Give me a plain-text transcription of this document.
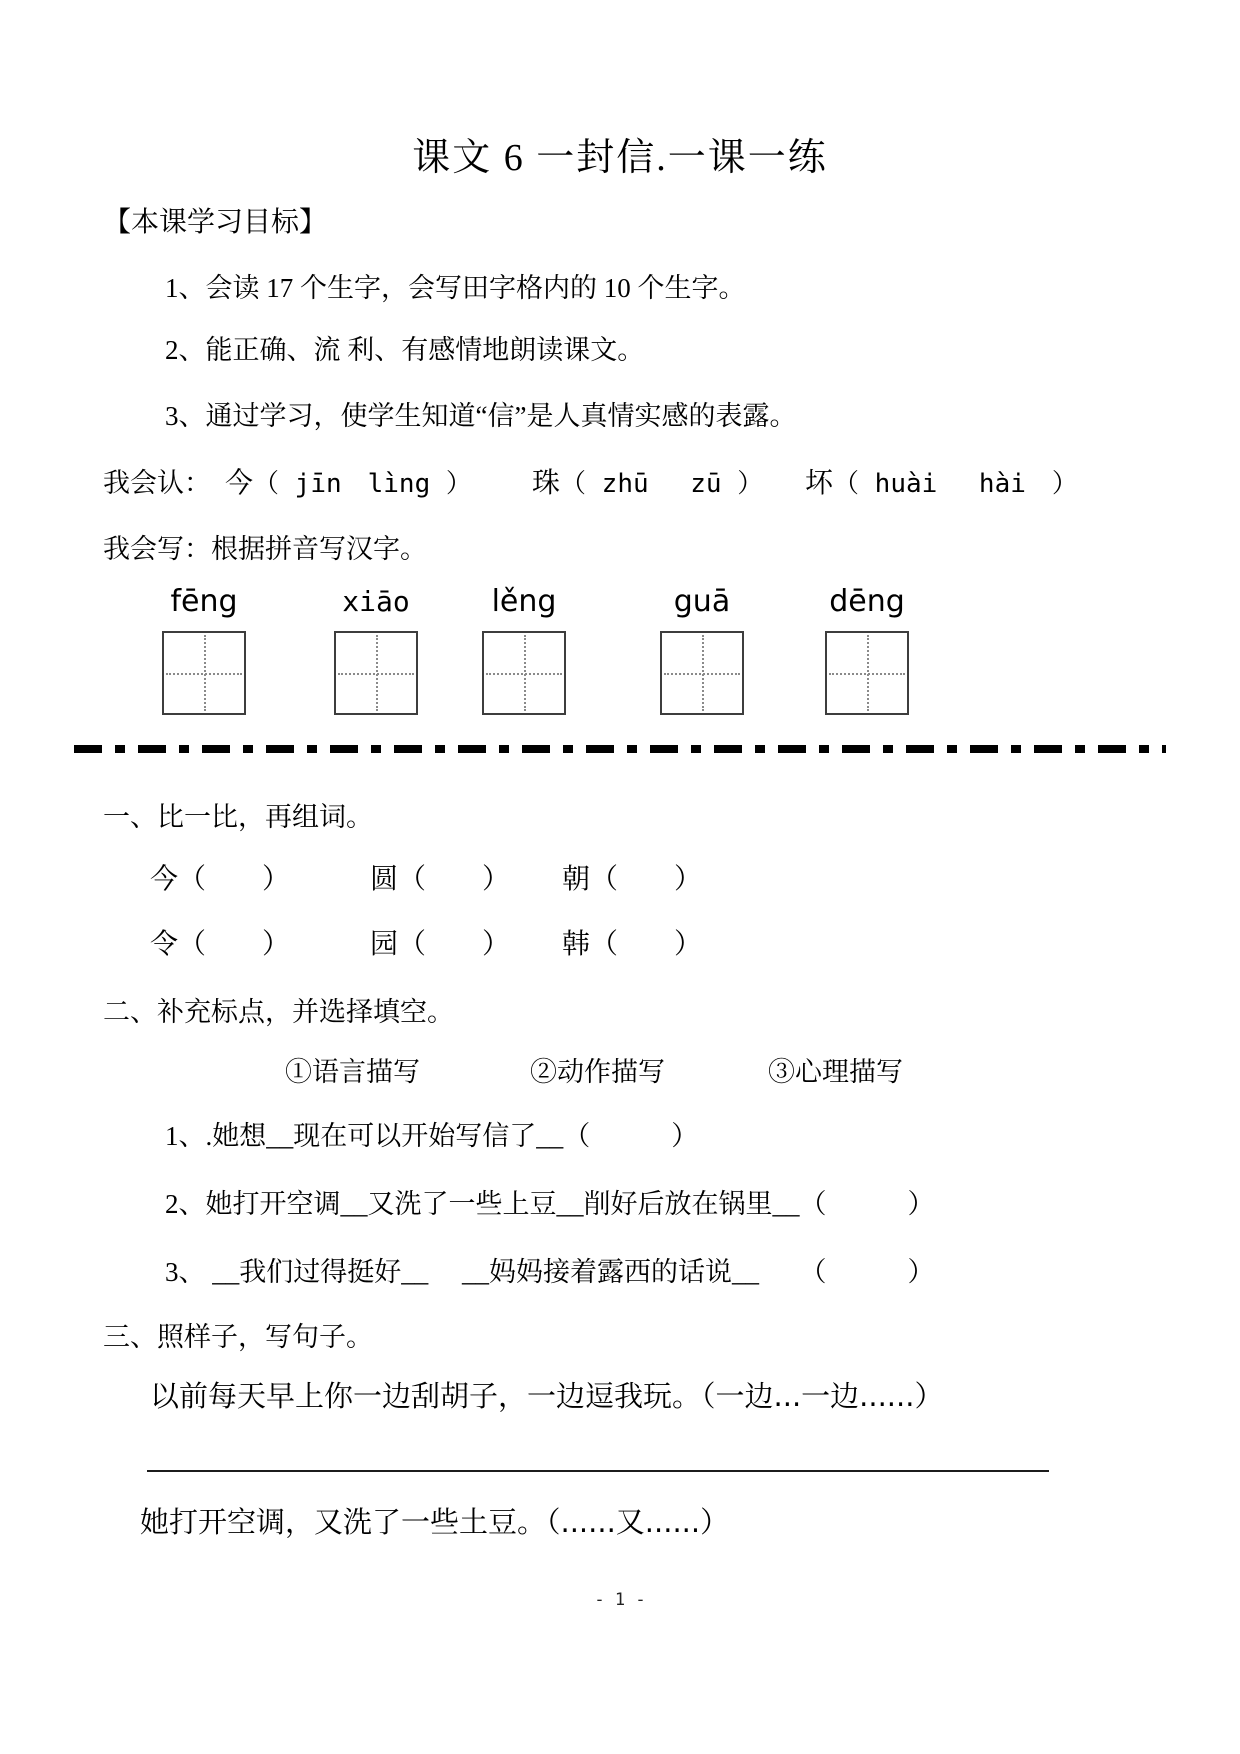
课文 6 一封信.一课一练
【本课学习目标】
1、会读 17 个生字，会写田字格内的 10 个生字。
2、能正确、流 利、有感情地朗读课文。
3、通过学习，使学生知道“信”是人真情实感的表露。
我会认： 今（ jīn　lìng ） 珠（ zhū　 zū ） 坏（ huài　 hài　）
我会写：根据拼音写汉字。
fēng	xiāo	lěng	guā	dēng
一、比一比，再组词。
今（　　）	圆（　　） 朝（　　）
令（　　）	园（　　） 韩（　　）
二、补充标点，并选择填空。
①语言描写	②动作描写	③心理描写
1、.她想__现在可以开始写信了__（　　　）
2、她打开空调__又洗了一些上豆__削好后放在锅里__（　　　）
3、 __我们过得挺好__　 __妈妈接着露西的话说__　　（　　　）
三、照样子，写句子。
以前每天早上你一边刮胡子，一边逗我玩。（一边...一边......）
她打开空调，又洗了一些土豆。（......又......）
- 1 -
